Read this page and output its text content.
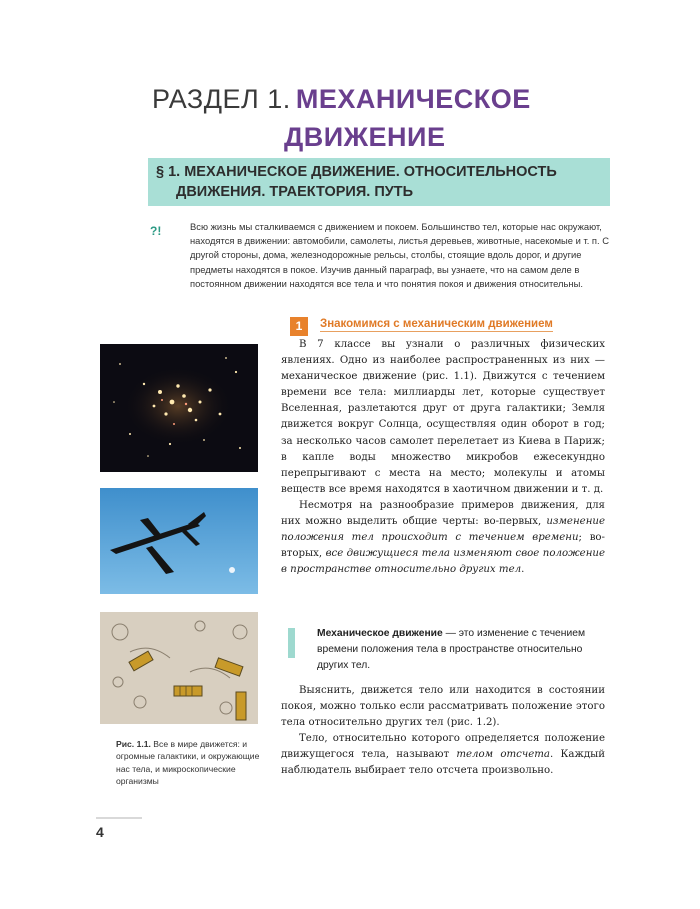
РАЗДЕЛ 1. МЕХАНИЧЕСКОЕ
ДВИЖЕНИЕ
§ 1. МЕХАНИЧЕСКОЕ ДВИЖЕНИЕ. ОТНОСИТЕЛЬНОСТЬ
ДВИЖЕНИЯ. ТРАЕКТОРИЯ. ПУТЬ
?!	Всю жизнь мы сталкиваемся с движением и покоем. Большинство тел, которые нас окружают, находятся в движении: автомобили, самолеты, листья деревьев, животные, насекомые и т. п. С другой стороны, дома, железнодорожные рельсы, столбы, стоящие вдоль дорог, и другие предметы находятся в покое. Изучив данный параграф, вы узнаете, что на самом деле в постоянном движении находятся все тела и что понятия покоя и движения относительны.
Рис. 1.1. Все в мире движется: и огромные галактики, и окружающие нас тела, и микроскопические организмы
1	Знакомимся с механическим движением

В 7 классе вы узнали о различных физических явлениях. Одно из наиболее распространенных из них — механическое движение (рис. 1.1). Движутся с течением времени все тела: миллиарды лет, которые существует Вселенная, разлетаются друг от друга галактики; Земля движется вокруг Солнца, осуществляя один оборот в год; за несколько часов самолет перелетает из Киева в Париж; в капле воды множество микробов ежесекундно перепрыгивают с места на место; молекулы и атомы веществ все время находятся в хаотичном движении и т. д.

Несмотря на разнообразие примеров движения, для них можно выделить общие черты: во-первых, изменение положения тел происходит с течением времени; во-вторых, все движущиеся тела изменяют свое положение в пространстве относительно других тел.

Механическое движение — это изменение с течением времени положения тела в пространстве относительно других тел.

Выяснить, движется тело или находится в состоянии покоя, можно только если рассматривать положение этого тела относительно других тел (рис. 1.2).

Тело, относительно которого определяется положение движущегося тела, называют телом отсчета. Каждый наблюдатель выбирает тело отсчета произвольно.

4
